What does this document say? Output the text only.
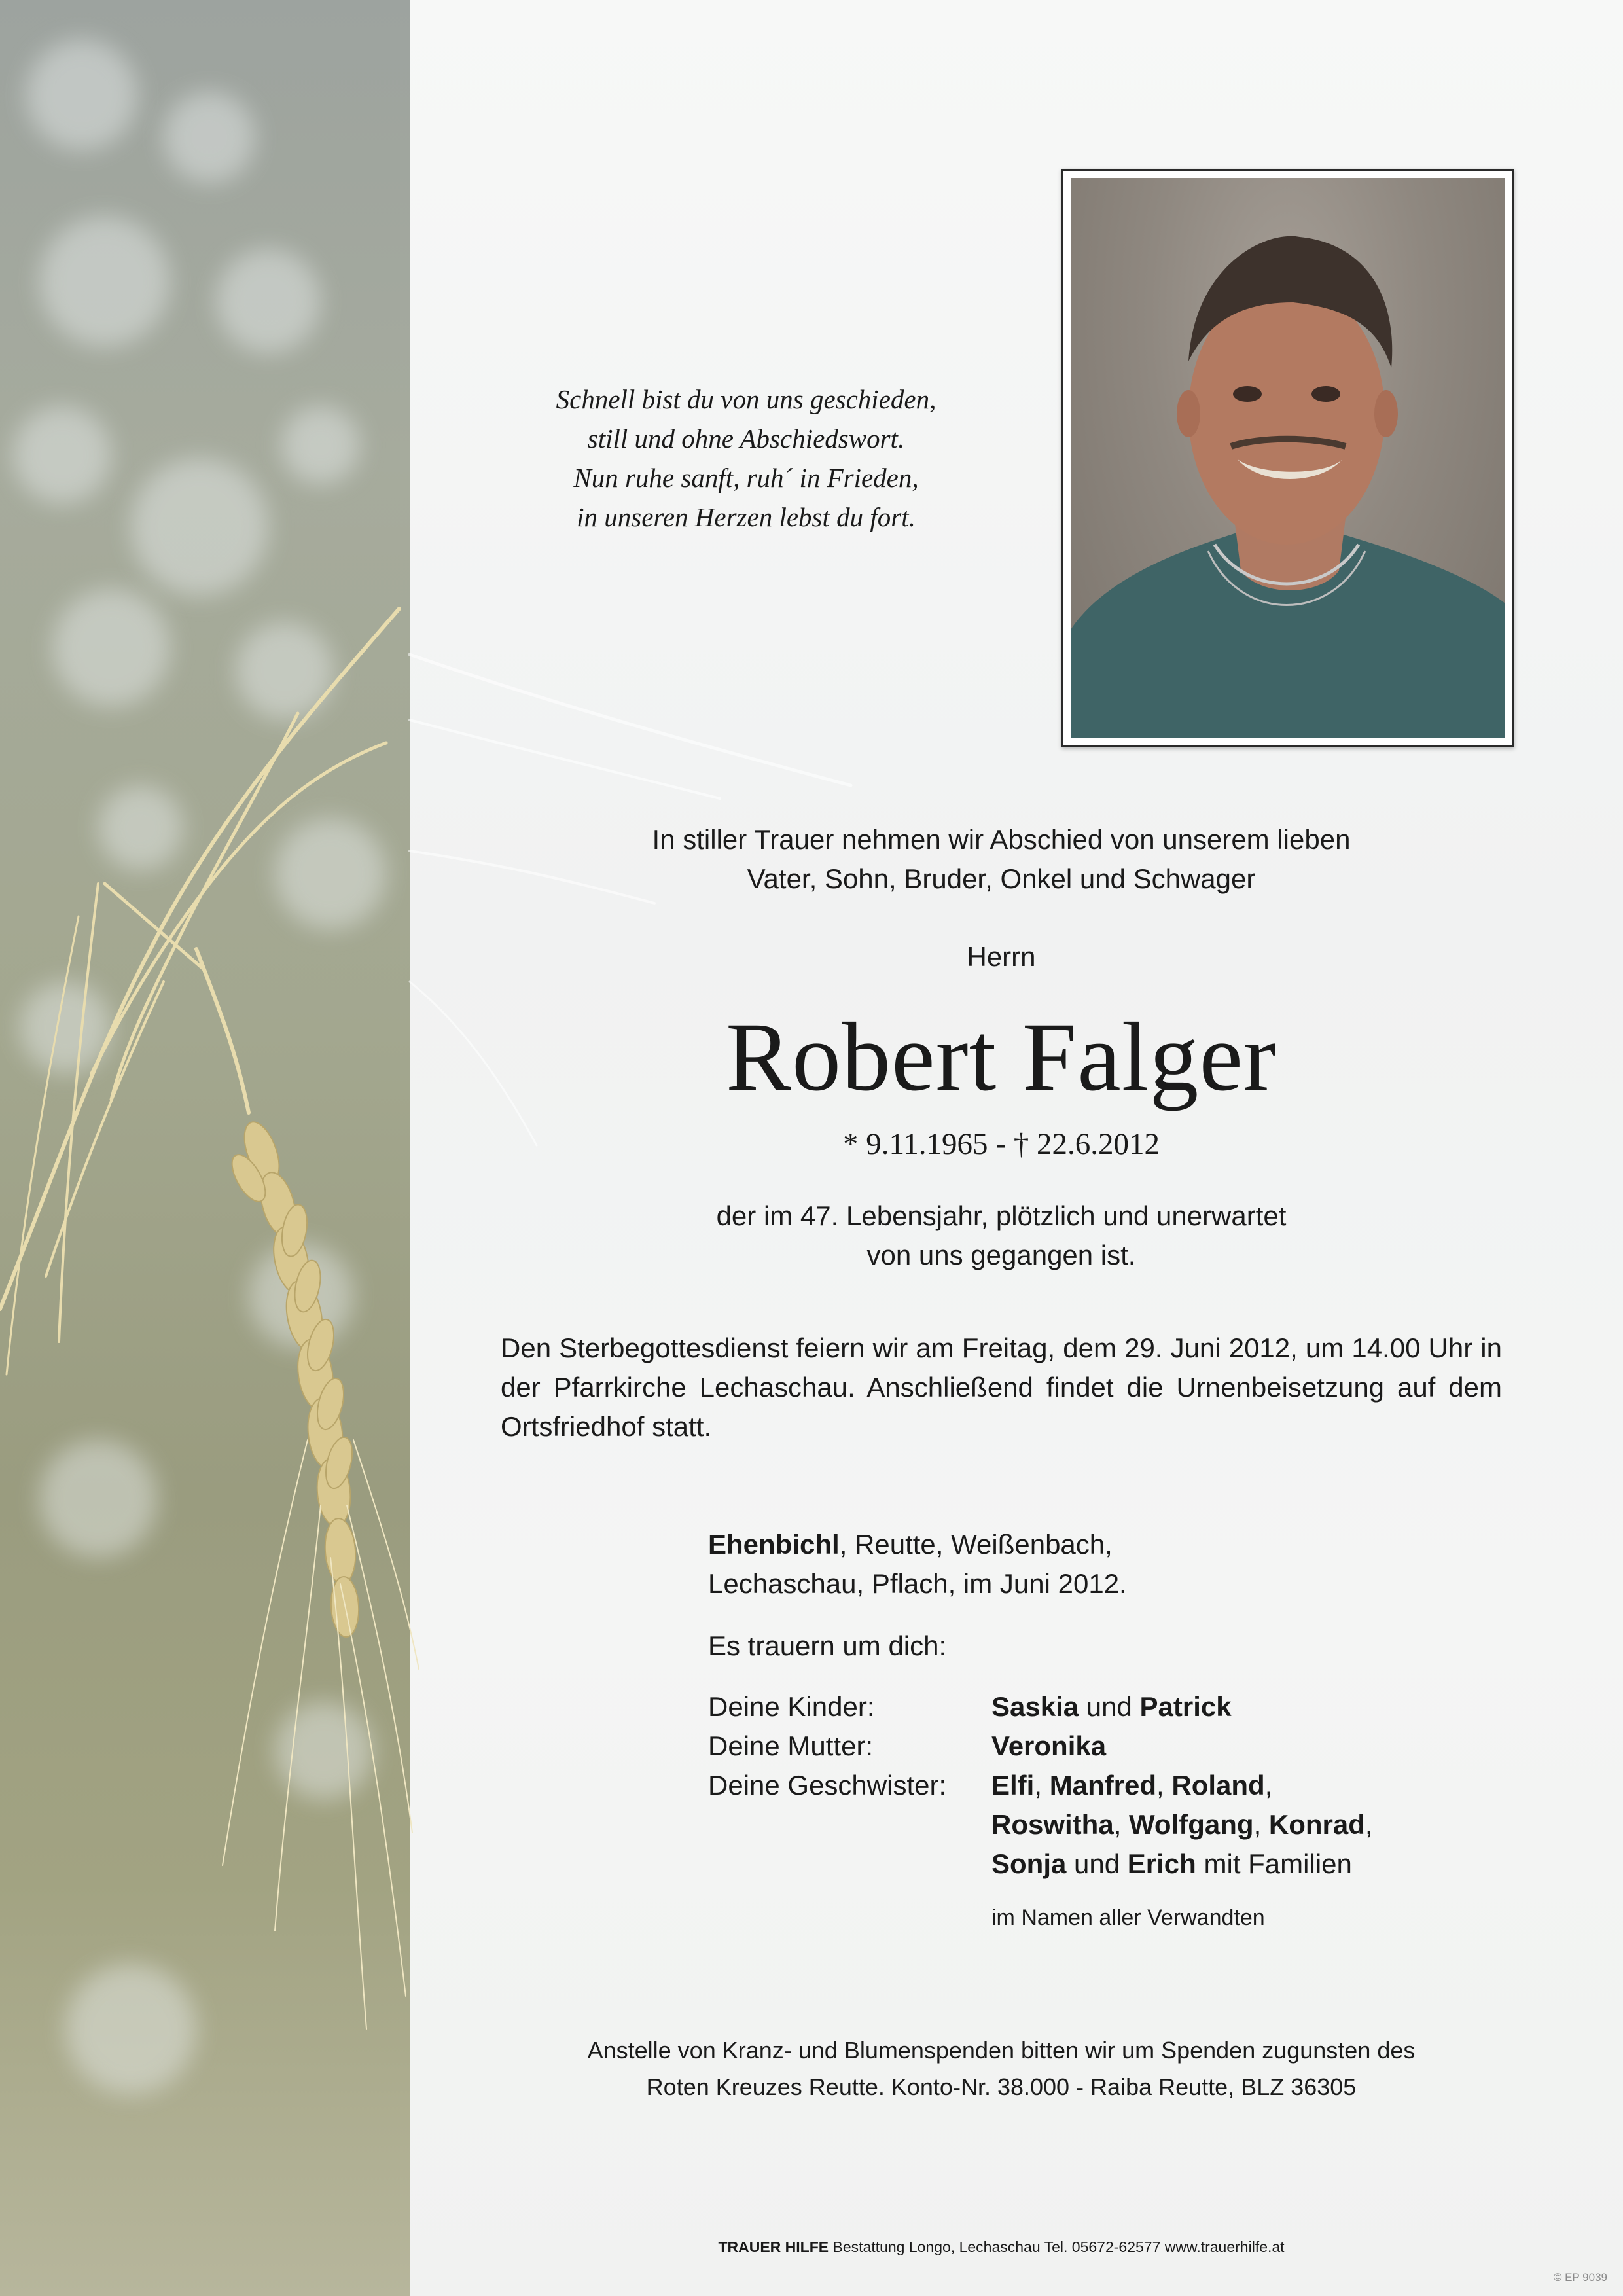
Schnell bist du von uns geschieden,
still und ohne Abschiedswort.
Nun ruhe sanft, ruh´ in Frieden,
in unseren Herzen lebst du fort.
In stiller Trauer nehmen wir Abschied von unserem lieben
Vater, Sohn, Bruder, Onkel und Schwager
Herrn
Robert Falger
* 9.11.1965 - † 22.6.2012
der im 47. Lebensjahr, plötzlich und unerwartet
von uns gegangen ist.
Den Sterbegottesdienst feiern wir am Freitag, dem 29. Juni 2012, um 14.00 Uhr in der Pfarrkirche Lechaschau. Anschließend findet die Urnenbeisetzung auf dem Ortsfriedhof statt.
Ehenbichl, Reutte, Weißenbach,
Lechaschau, Pflach, im Juni 2012.
Es trauern um dich:
Deine Kinder:	Saskia und Patrick
Deine Mutter:	Veronika
Deine Geschwister: Elfi, Manfred, Roland,
Roswitha, Wolfgang, Konrad,
Sonja und Erich mit Familien
im Namen aller Verwandten
Anstelle von Kranz- und Blumenspenden bitten wir um Spenden zugunsten des
Roten Kreuzes Reutte. Konto-Nr. 38.000 - Raiba Reutte, BLZ 36305
TRAUER HILFE Bestattung Longo, Lechaschau Tel. 05672-62577 www.trauerhilfe.at
© EP 9039
